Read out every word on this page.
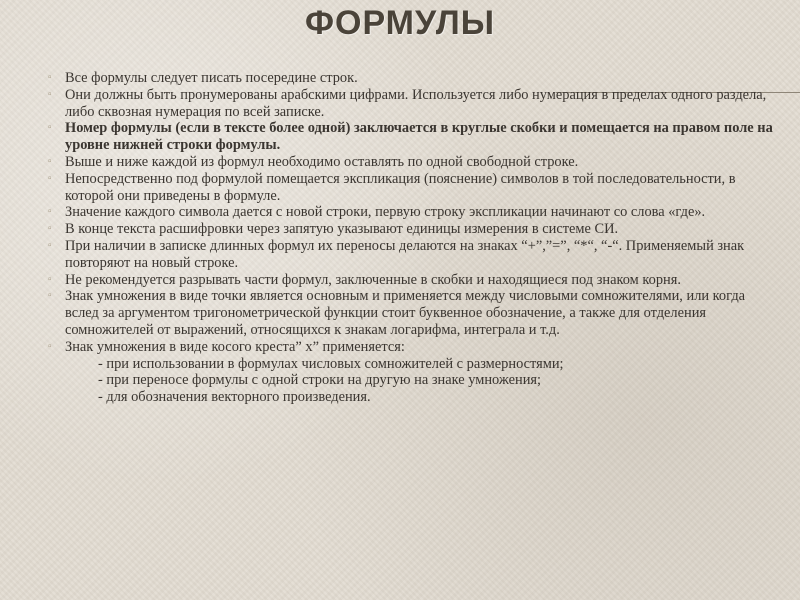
ФОРМУЛЫ
▫ Все формулы следует писать посередине строк.
▫ Они должны быть пронумерованы арабскими цифрами. Используется либо нумерация в пределах одного раздела, либо сквозная нумерация по всей записке.
▫ Номер формулы (если в тексте более одной) заключается в круглые скобки и помещается на правом поле на уровне нижней строки формулы.
▫ Выше и ниже каждой из формул необходимо оставлять по одной свободной строке.
▫ Непосредственно под формулой помещается экспликация (пояснение) символов в той последовательности, в которой они приведены в формуле.
▫ Значение каждого символа дается с новой строки, первую строку экспликации начинают со слова «где».
▫ В конце текста расшифровки через запятую указывают единицы измерения в системе СИ.
▫ При наличии в записке длинных формул их переносы делаются на знаках “+”,”=”, “*“, “-“. Применяемый знак повторяют на новый строке.
▫ Не рекомендуется разрывать части формул, заключенные в скобки и находящиеся под знаком корня.
▫ Знак умножения в виде точки является основным и применяется между числовыми сомножителями, или когда вслед за аргументом тригонометрической функции стоит буквенное обозначение, а также для отделения сомножителей от выражений, относящихся к знакам логарифма, интеграла и т.д.
▫ Знак умножения в виде косого креста” х” применяется:
- при использовании в формулах числовых сомножителей с размерностями;
- при переносе формулы с одной строки на другую на знаке умножения;
- для обозначения векторного произведения.
